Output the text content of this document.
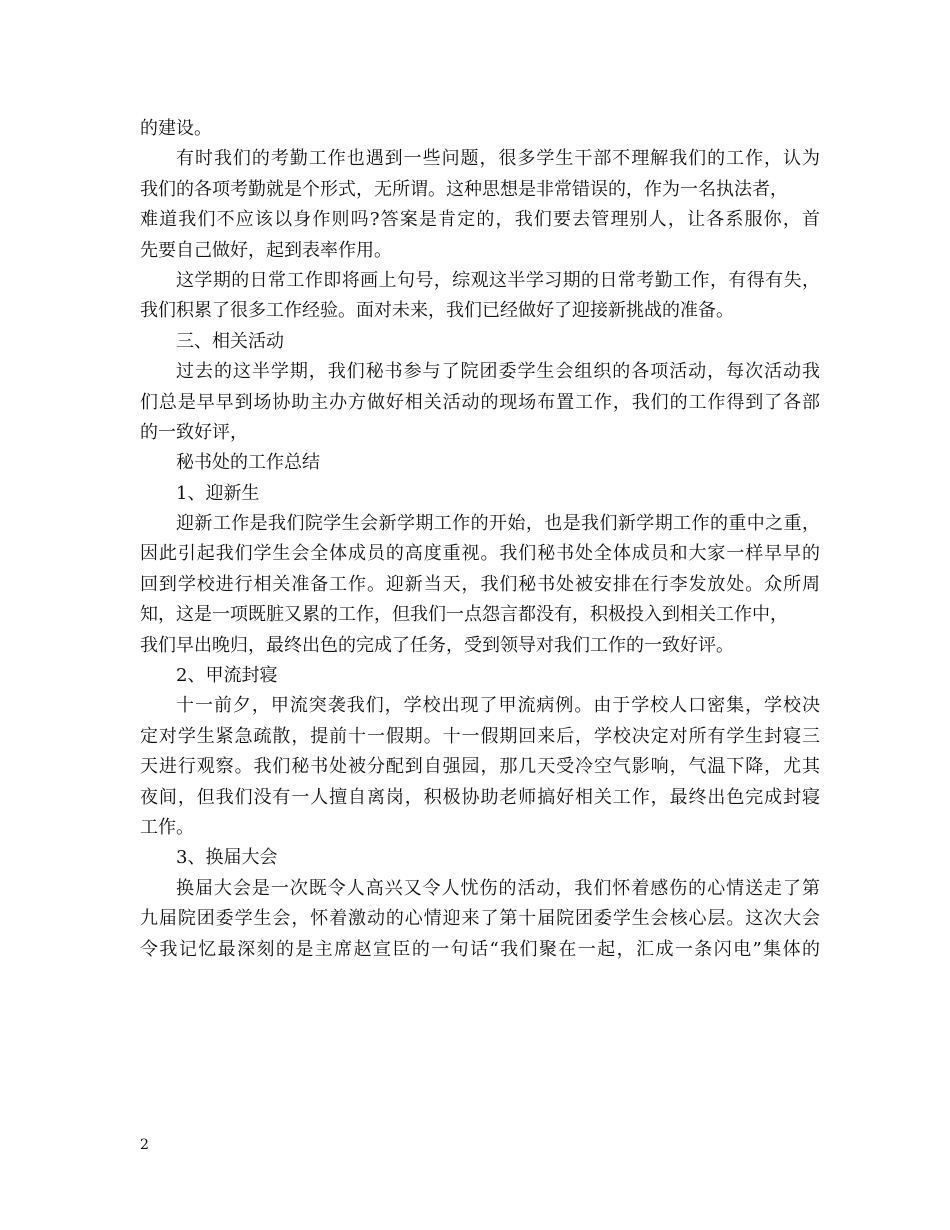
的建设。
有时我们的考勤工作也遇到一些问题，很多学生干部不理解我们的工作，认为
我们的各项考勤就是个形式，无所谓。这种思想是非常错误的，作为一名执法者，
难道我们不应该以身作则吗?答案是肯定的，我们要去管理别人，让各系服你，首
先要自己做好，起到表率作用。
这学期的日常工作即将画上句号，综观这半学习期的日常考勤工作，有得有失，
我们积累了很多工作经验。面对未来，我们已经做好了迎接新挑战的准备。
三、相关活动
过去的这半学期，我们秘书参与了院团委学生会组织的各项活动，每次活动我
们总是早早到场协助主办方做好相关活动的现场布置工作，我们的工作得到了各部
的一致好评，
秘书处的工作总结
1、迎新生
迎新工作是我们院学生会新学期工作的开始，也是我们新学期工作的重中之重，
因此引起我们学生会全体成员的高度重视。我们秘书处全体成员和大家一样早早的
回到学校进行相关准备工作。迎新当天，我们秘书处被安排在行李发放处。众所周
知，这是一项既脏又累的工作，但我们一点怨言都没有，积极投入到相关工作中，
我们早出晚归，最终出色的完成了任务，受到领导对我们工作的一致好评。
2、甲流封寝
十一前夕，甲流突袭我们，学校出现了甲流病例。由于学校人口密集，学校决
定对学生紧急疏散，提前十一假期。十一假期回来后，学校决定对所有学生封寝三
天进行观察。我们秘书处被分配到自强园，那几天受冷空气影响，气温下降，尤其
夜间，但我们没有一人擅自离岗，积极协助老师搞好相关工作，最终出色完成封寝
工作。
3、换届大会
换届大会是一次既令人高兴又令人忧伤的活动，我们怀着感伤的心情送走了第
九届院团委学生会，怀着激动的心情迎来了第十届院团委学生会核心层。这次大会
令我记忆最深刻的是主席赵宣臣的一句话“我们聚在一起，汇成一条闪电”集体的
2
